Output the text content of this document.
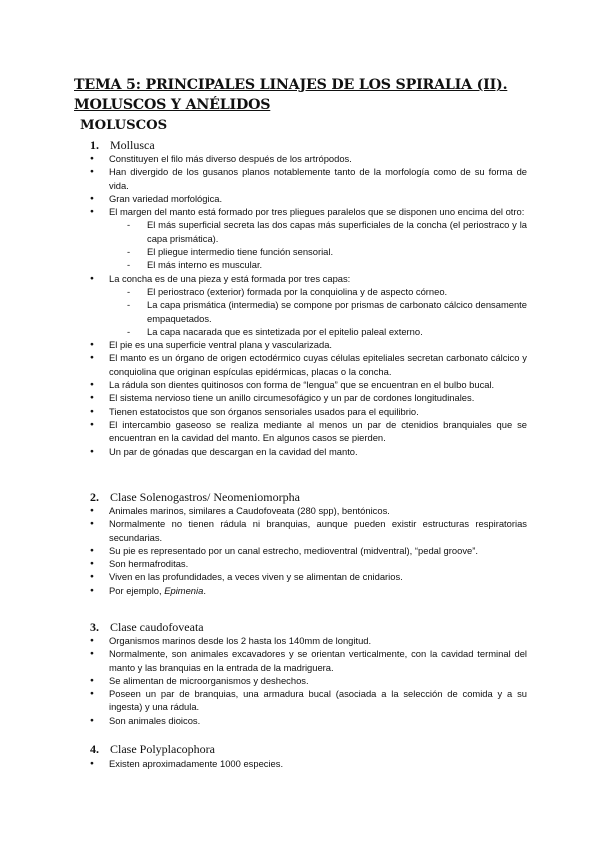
TEMA 5: PRINCIPALES LINAJES DE LOS SPIRALIA (II). MOLUSCOS Y ANÉLIDOS
MOLUSCOS
1. Mollusca
● Constituyen el filo más diverso después de los artrópodos.
● Han divergido de los gusanos planos notablemente tanto de la morfología como de su forma de vida.
● Gran variedad morfológica.
● El margen del manto está formado por tres pliegues paralelos que se disponen uno encima del otro:
- El más superficial secreta las dos capas más superficiales de la concha (el periostraco y la capa prismática).
- El pliegue intermedio tiene función sensorial.
- El más interno es muscular.
● La concha es de una pieza y está formada por tres capas:
- El periostraco (exterior) formada por la conquiolina y de aspecto córneo.
- La capa prismática (intermedia) se compone por prismas de carbonato cálcico densamente empaquetados.
- La capa nacarada que es sintetizada por el epitelio paleal externo.
● El pie es una superficie ventral plana y vascularizada.
● El manto es un órgano de origen ectodérmico cuyas células epiteliales secretan carbonato cálcico y conquiolina que originan espículas epidérmicas, placas o la concha.
● La rádula son dientes quitinosos con forma de “lengua” que se encuentran en el bulbo bucal.
● El sistema nervioso tiene un anillo circumesofágico y un par de cordones longitudinales.
● Tienen estatocistos que son órganos sensoriales usados para el equilibrio.
● El intercambio gaseoso se realiza mediante al menos un par de ctenidios branquiales que se encuentran en la cavidad del manto. En algunos casos se pierden.
● Un par de gónadas que descargan en la cavidad del manto.
2. Clase Solenogastros/ Neomeniomorpha
● Animales marinos, similares a Caudofoveata (280 spp), bentónicos.
● Normalmente no tienen rádula ni branquias, aunque pueden existir estructuras respiratorias secundarias.
● Su pie es representado por un canal estrecho, medioventral (midventral), “pedal groove”.
● Son hermafroditas.
● Viven en las profundidades, a veces viven y se alimentan de cnidarios.
● Por ejemplo, Epimenia.
3. Clase caudofoveata
● Organismos marinos desde los 2 hasta los 140mm de longitud.
● Normalmente, son animales excavadores y se orientan verticalmente, con la cavidad terminal del manto y las branquias en la entrada de la madriguera.
● Se alimentan de microorganismos y deshechos.
● Poseen un par de branquias, una armadura bucal (asociada a la selección de comida y a su ingesta) y una rádula.
● Son animales dioicos.
4. Clase Polyplacophora
● Existen aproximadamente 1000 especies.
